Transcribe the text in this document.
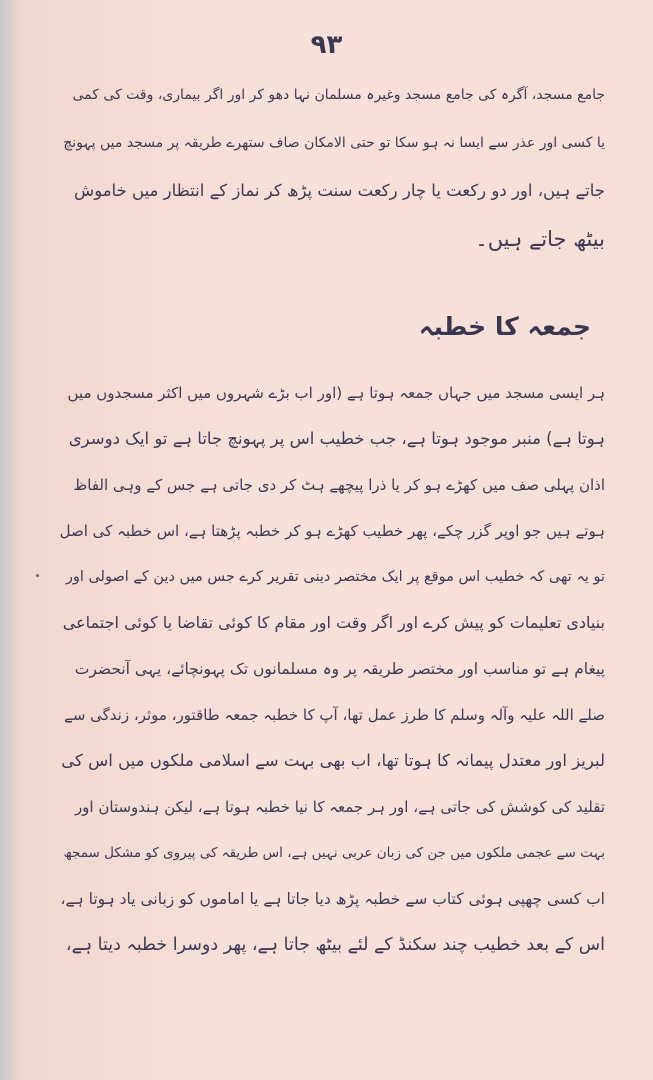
۹۳
جامع مسجد، آگرہ کی جامع مسجد وغیرہ مسلمان نہا دھو کر اور اگر بیماری، وقت کی کمی
یا کسی اور عذر سے ایسا نہ ہو سکا تو حتی الامکان صاف ستھرے طریقہ پر مسجد میں پہونچ
جاتے ہیں، اور دو رکعت یا چار رکعت سنت پڑھ کر نماز کے انتظار میں خاموش
بیٹھ جاتے ہیں۔
جمعہ کا خطبہ
ہر ایسی مسجد میں جہاں جمعہ ہوتا ہے (اور اب بڑے شہروں میں اکثر مسجدوں میں
ہوتا ہے) منبر موجود ہوتا ہے، جب خطیب اس پر پہونچ جاتا ہے تو ایک دوسری
اذان پہلی صف میں کھڑے ہو کر یا ذرا پیچھے ہٹ کر دی جاتی ہے جس کے وہی الفاظ
ہوتے ہیں جو اوپر گزر چکے، پھر خطیب کھڑے ہو کر خطبہ پڑھتا ہے، اس خطبہ کی اصل
تو یہ تھی کہ خطیب اس موقع پر ایک مختصر دینی تقریر کرے جس میں دین کے اصولی اور
بنیادی تعلیمات کو پیش کرے اور اگر وقت اور مقام کا کوئی تقاضا یا کوئی اجتماعی
پیغام ہے تو مناسب اور مختصر طریقہ پر وہ مسلمانوں تک پہونچائے، یہی آنحضرت
صلے اللہ علیہ وآلہ وسلم کا طرز عمل تھا، آپ کا خطبہ جمعہ طاقتور، موثر، زندگی سے
لبریز اور معتدل پیمانہ کا ہوتا تھا، اب بھی بہت سے اسلامی ملکوں میں اس کی
تقلید کی کوشش کی جاتی ہے، اور ہر جمعہ کا نیا خطبہ ہوتا ہے، لیکن ہندوستان اور
بہت سے عجمی ملکوں میں جن کی زبان عربی نہیں ہے، اس طریقہ کی پیروی کو مشکل سمجھ
اب کسی چھپی ہوئی کتاب سے خطبہ پڑھ دیا جاتا ہے یا اماموں کو زبانی یاد ہوتا ہے،
اس کے بعد خطیب چند سکنڈ کے لئے بیٹھ جاتا ہے، پھر دوسرا خطبہ دیتا ہے،
